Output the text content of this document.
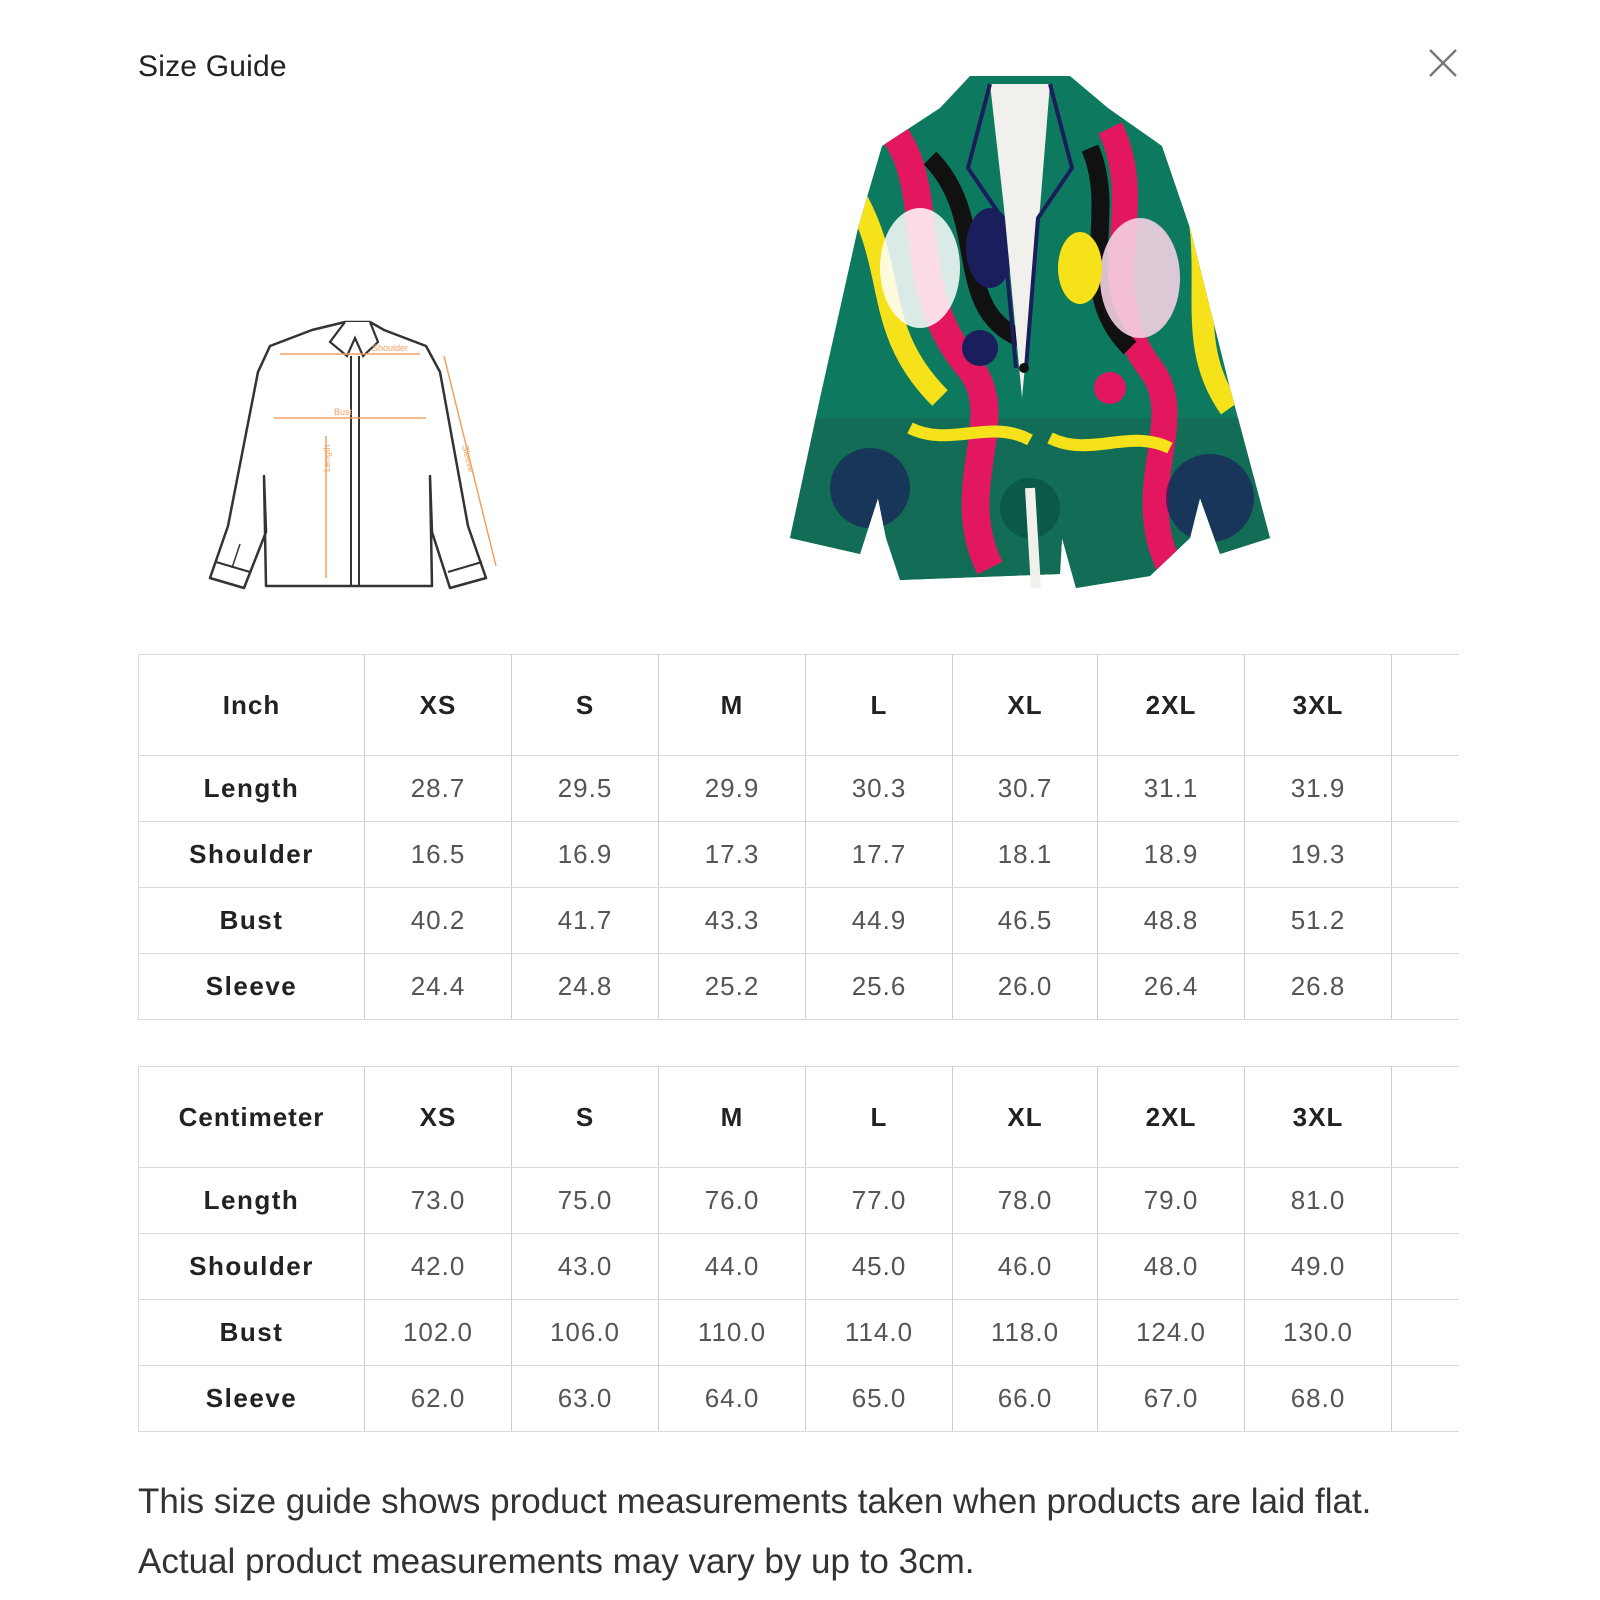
Size Guide
Length
Bust
Sleeve
Shoulder
Inch	XS	S	M	L	XL	2XL	3XL	
Length	28.7	29.5	29.9	30.3	30.7	31.1	31.9	
Shoulder	16.5	16.9	17.3	17.7	18.1	18.9	19.3	
Bust	40.2	41.7	43.3	44.9	46.5	48.8	51.2	
Sleeve	24.4	24.8	25.2	25.6	26.0	26.4	26.8	
Centimeter	XS	S	M	L	XL	2XL	3XL	
Length	73.0	75.0	76.0	77.0	78.0	79.0	81.0	
Shoulder	42.0	43.0	44.0	45.0	46.0	48.0	49.0	
Bust	102.0	106.0	110.0	114.0	118.0	124.0	130.0	
Sleeve	62.0	63.0	64.0	65.0	66.0	67.0	68.0	
This size guide shows product measurements taken when products are laid flat. Actual product measurements may vary by up to 3cm.
